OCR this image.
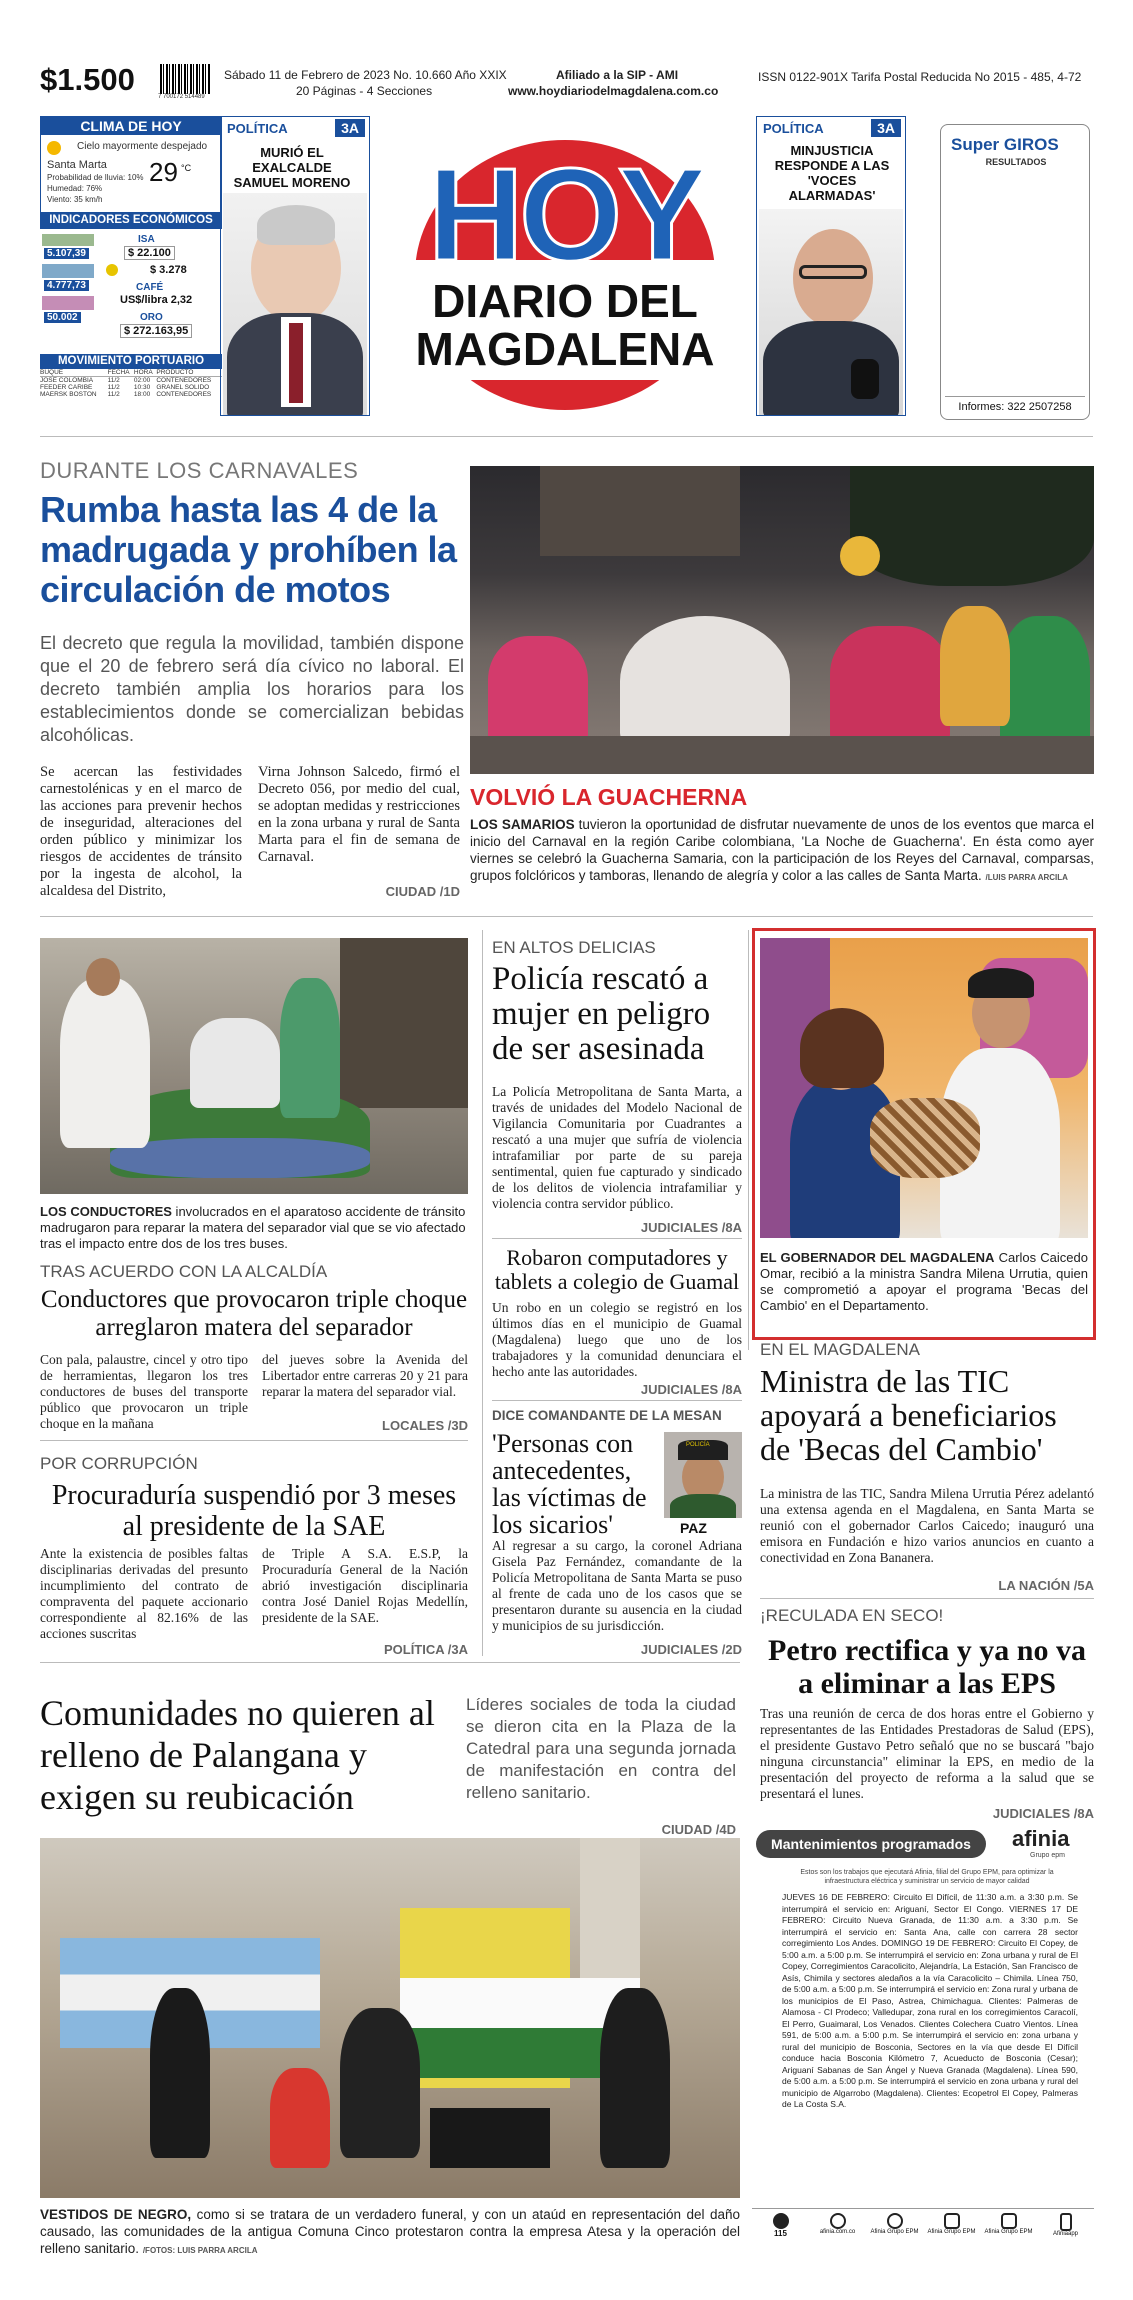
$1.500	7 700172 514489
Sábado 11 de Febrero de 2023 No. 10.660 Año XXIX
20 Páginas - 4 Secciones
Afiliado a la SIP - AMI
www.hoydiariodelmagdalena.com.co
ISSN 0122-901X Tarifa Postal Reducida No 2015 - 485, 4-72
CLIMA DE HOY
Cielo mayormente despejado
Santa Marta
Probabilidad de lluvia: 10%
Humedad: 76%
Viento: 35 km/h
29 °C
INDICADORES ECONÓMICOS
5.107,39
4.777,73
50.002
ISA
$ 22.100
$ 3.278
CAFÉ
US$/libra 2,32
ORO
$ 272.163,95
MOVIMIENTO PORTUARIO
BUQUE	FECHA	HORA	PRODUCTO
JOSE COLOMBIA	11/2	02:00	CONTENEDORES
FEEDER CARIBE	11/2	10:30	GRANEL SOLIDO
MAERSK BOSTON	11/2	18:00	CONTENEDORES
POLÍTICA	3A
MURIÓ EL EXALCALDE SAMUEL MORENO HOY
DIARIO DEL
MAGDALENA
POLÍTICA	3A
MINJUSTICIA RESPONDE A LAS 'VOCES ALARMADAS'
Super GIROS
RESULTADOS
Informes: 322 2507258
DURANTE LOS CARNAVALES
Rumba hasta las 4 de la madrugada y prohíben la circulación de motos
El decreto que regula la movilidad, también dispone que el 20 de febrero será día cívico no laboral. El decreto también amplia los horarios para los establecimientos donde se comercializan bebidas alcohólicas.
Se acercan las festividades carnestolénicas y en el marco de las acciones para prevenir hechos de inseguridad, alteraciones del orden público y minimizar los riesgos de accidentes de tránsito por la ingesta de alcohol, la alcaldesa del Distrito,
Virna Johnson Salcedo, firmó el Decreto 056, por medio del cual, se adoptan medidas y restricciones en la zona urbana y rural de Santa Marta para el fin de semana de Carnaval.
CIUDAD /1D
VOLVIÓ LA GUACHERNA
LOS SAMARIOS tuvieron la oportunidad de disfrutar nuevamente de unos de los eventos que marca el inicio del Carnaval en la región Caribe colombiana, 'La Noche de Guacherna'. En ésta como ayer viernes se celebró la Guacherna Samaria, con la participación de los Reyes del Carnaval, comparsas, grupos folclóricos y tamboras, llenando de alegría y color a las calles de Santa Marta. /LUIS PARRA ARCILA
LOS CONDUCTORES involucrados en el aparatoso accidente de tránsito madrugaron para reparar la matera del separador vial que se vio afectado tras el impacto entre dos de los tres buses.
TRAS ACUERDO CON LA ALCALDÍA
Conductores que provocaron triple choque arreglaron matera del separador
Con pala, palaustre, cincel y otro tipo de herramientas, llegaron los tres conductores de buses del transporte público que provocaron un triple choque en la mañana
del jueves sobre la Avenida del Libertador entre carreras 20 y 21 para reparar la matera del separador vial.
LOCALES /3D
POR CORRUPCIÓN
Procuraduría suspendió por 3 meses al presidente de la SAE
Ante la existencia de posibles faltas disciplinarias derivadas del presunto incumplimiento del contrato de compraventa del paquete accionario correspondiente al 82.16% de las acciones suscritas
de Triple A S.A. E.S.P, la Procuraduría General de la Nación abrió investigación disciplinaria contra José Daniel Rojas Medellín, presidente de la SAE.
POLÍTICA /3A
EN ALTOS DELICIAS
Policía rescató a mujer en peligro de ser asesinada
La Policía Metropolitana de Santa Marta, a través de unidades del Modelo Nacional de Vigilancia Comunitaria por Cuadrantes a rescató a una mujer que sufría de violencia intrafamiliar por parte de su pareja sentimental, quien fue capturado y sindicado de los delitos de violencia intrafamiliar y violencia contra servidor público.
JUDICIALES /8A
Robaron computadores y tablets a colegio de Guamal
Un robo en un colegio se registró en los últimos días en el municipio de Guamal (Magdalena) luego que uno de los trabajadores y la comunidad denunciara el hecho ante las autoridades.
JUDICIALES /8A
DICE COMANDANTE DE LA MESAN
'Personas con antecedentes, las víctimas de los sicarios'
POLICÍA
PAZ
Al regresar a su cargo, la coronel Adriana Gisela Paz Fernández, comandante de la Policía Metropolitana de Santa Marta se puso al frente de cada uno de los casos que se presentaron durante su ausencia en la ciudad y municipios de su jurisdicción.
JUDICIALES /2D
EL GOBERNADOR DEL MAGDALENA Carlos Caicedo Omar, recibió a la ministra Sandra Milena Urrutia, quien se comprometió a apoyar el programa 'Becas del Cambio' en el Departamento.
EN EL MAGDALENA
Ministra de las TIC apoyará a beneficiarios de 'Becas del Cambio'
La ministra de las TIC, Sandra Milena Urrutia Pérez adelantó una extensa agenda en el Magdalena, en Santa Marta se reunió con el gobernador Carlos Caicedo; inauguró una emisora en Fundación e hizo varios anuncios en cuanto a conectividad en Zona Bananera.
LA NACIÓN /5A
¡RECULADA EN SECO!
Petro rectifica y ya no va a eliminar a las EPS
Tras una reunión de cerca de dos horas entre el Gobierno y representantes de las Entidades Prestadoras de Salud (EPS), el presidente Gustavo Petro señaló que no se buscará "bajo ninguna circunstancia" eliminar la EPS, en medio de la presentación del proyecto de reforma a la salud que se presentará el lunes.
JUDICIALES /8A
Comunidades no quieren al relleno de Palangana y exigen su reubicación
Líderes sociales de toda la ciudad se dieron cita en la Plaza de la Catedral para una segunda jornada de manifestación en contra del relleno sanitario.
CIUDAD /4D
VESTIDOS DE NEGRO, como si se tratara de un verdadero funeral, y con un ataúd en representación del daño causado, las comunidades de la antigua Comuna Cinco protestaron contra la empresa Atesa y la operación del relleno sanitario. /FOTOS: LUIS PARRA ARCILA
Mantenimientos programados	afinia
Grupo epm
Estos son los trabajos que ejecutará Afinia, filial del Grupo EPM, para optimizar la infraestructura eléctrica y suministrar un servicio de mayor calidad
JUEVES 16 DE FEBRERO: Circuito El Difícil, de 11:30 a.m. a 3:30 p.m. Se interrumpirá el servicio en: Ariguaní, Sector El Congo. VIERNES 17 DE FEBRERO: Circuito Nueva Granada, de 11:30 a.m. a 3:30 p.m. Se interrumpirá el servicio en: Santa Ana, calle con carrera 28 sector corregimiento Los Andes. DOMINGO 19 DE FEBRERO: Circuito El Copey, de 5:00 a.m. a 5:00 p.m. Se interrumpirá el servicio en: Zona urbana y rural de El Copey, Corregimientos Caracolicito, Alejandría, La Estación, San Francisco de Asís, Chimila y sectores aledaños a la vía Caracolicito – Chimila. Línea 750, de 5:00 a.m. a 5:00 p.m. Se interrumpirá el servicio en: Zona rural y urbana de los municipios de El Paso, Astrea, Chimichagua. Clientes: Palmeras de Alamosa - CI Prodeco; Valledupar, zona rural en los corregimientos Caracolí, El Perro, Guaimaral, Los Venados. Clientes Colechera Cuatro Vientos. Línea 591, de 5:00 a.m. a 5:00 p.m. Se interrumpirá el servicio en: zona urbana y rural del municipio de Bosconia, Sectores en la vía que desde El Difícil conduce hacia Bosconia Kilómetro 7, Acueducto de Bosconia (Cesar); Ariguaní Sabanas de San Ángel y Nueva Granada (Magdalena). Línea 590, de 5:00 a.m. a 5:00 p.m. Se interrumpirá el servicio en zona urbana y rural del municipio de Algarrobo (Magdalena). Clientes: Ecopetrol El Copey, Palmeras de La Costa S.A.
115	afinia.com.co	Afinia Grupo EPM	Afinia Grupo EPM	Afinia Grupo EPM	Afiniaapp
